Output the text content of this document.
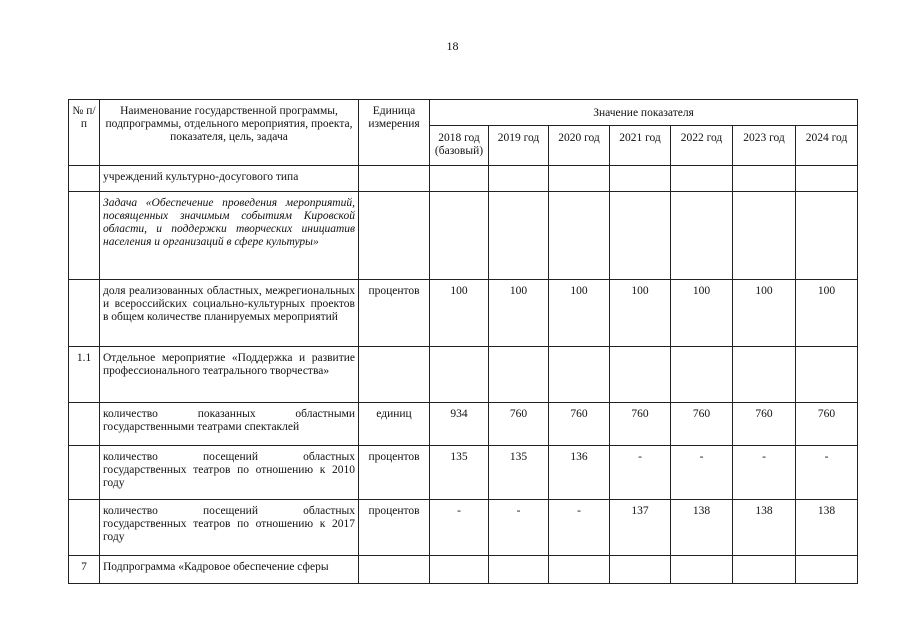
18
№ п/п	Наименование государственной программы, подпрограммы, отдельного мероприятия, проекта, показателя, цель, задача	Единица измерения	Значение показателя						
			2018 год (базовый)	2019 год	2020 год	2021 год	2022 год	2023 год	2024 год
	учреждений культурно-досугового типа								
	Задача «Обеспечение проведения мероприятий, посвященных значимым событиям Кировской области, и поддержки творческих инициатив населения и организаций в сфере культуры»								
	доля реализованных областных, межрегиональных и всероссийских социально-культурных проектов в общем количестве планируемых мероприятий	процентов	100	100	100	100	100	100	100
1.1	Отдельное мероприятие «Поддержка и развитие профессионального театрального творчества»								
	количество показанных областными государственными театрами спектаклей	единиц	934	760	760	760	760	760	760
	количество посещений областных государственных театров по отношению к 2010 году	процентов	135	135	136	-	-	-	-
	количество посещений областных государственных театров по отношению к 2017 году	процентов	-	-	-	137	138	138	138
7	Подпрограмма «Кадровое обеспечение сферы								
